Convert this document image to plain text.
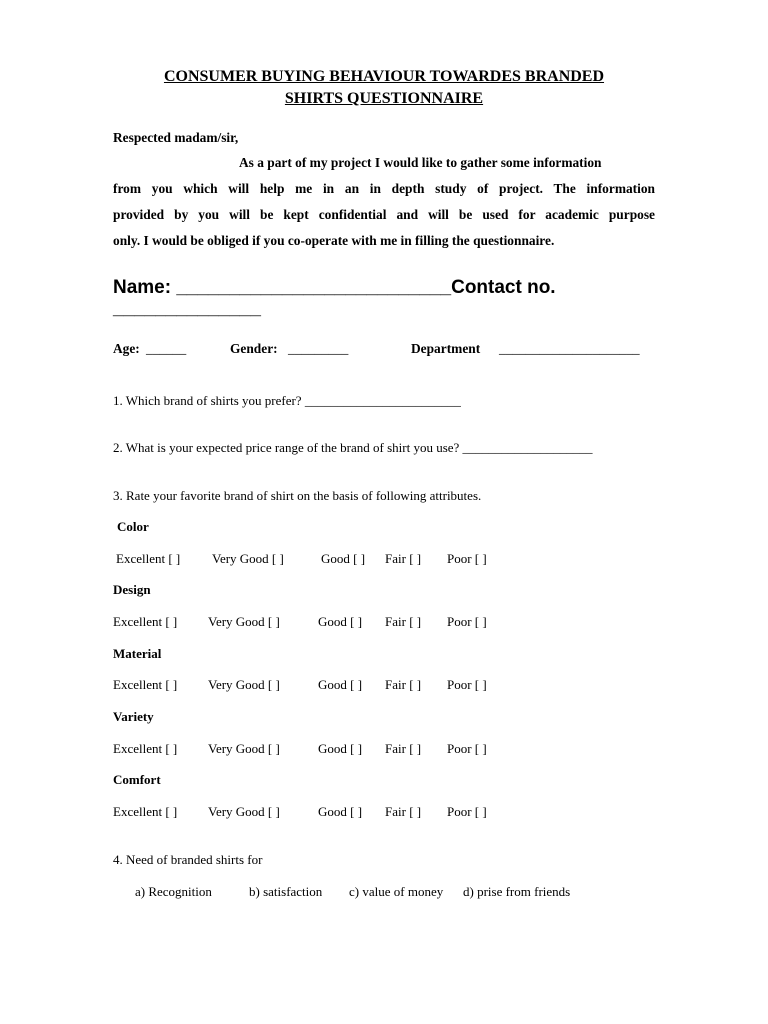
CONSUMER BUYING BEHAVIOUR TOWARDES BRANDED
SHIRTS QUESTIONNAIRE
Respected madam/sir,
As a part of my project I would like to gather some information
from you which will help me in an in depth study of project. The information
provided by you will be kept confidential and will be used for academic purpose
only. I would be obliged if you co-operate with me in filling the questionnaire.
Name: __________________________Contact no.
______________
Age: ______	Gender: _________	Department _____________________
1. Which brand of shirts you prefer? ________________________
2. What is your expected price range of the brand of shirt you use? ____________________
3. Rate your favorite brand of shirt on the basis of following attributes.
Color
Excellent [ ] Very Good [ ]	Good [ ] Fair [ ] Poor [ ]
Design
Excellent [ ] Very Good [ ]	Good [ ] Fair [ ] Poor [ ]
Material
Excellent [ ] Very Good [ ]	Good [ ] Fair [ ] Poor [ ]
Variety
Excellent [ ] Very Good [ ]	Good [ ] Fair [ ] Poor [ ]
Comfort
Excellent [ ] Very Good [ ]	Good [ ] Fair [ ] Poor [ ]
4. Need of branded shirts for
a) Recognition	b) satisfaction c) value of money d) prise from friends
